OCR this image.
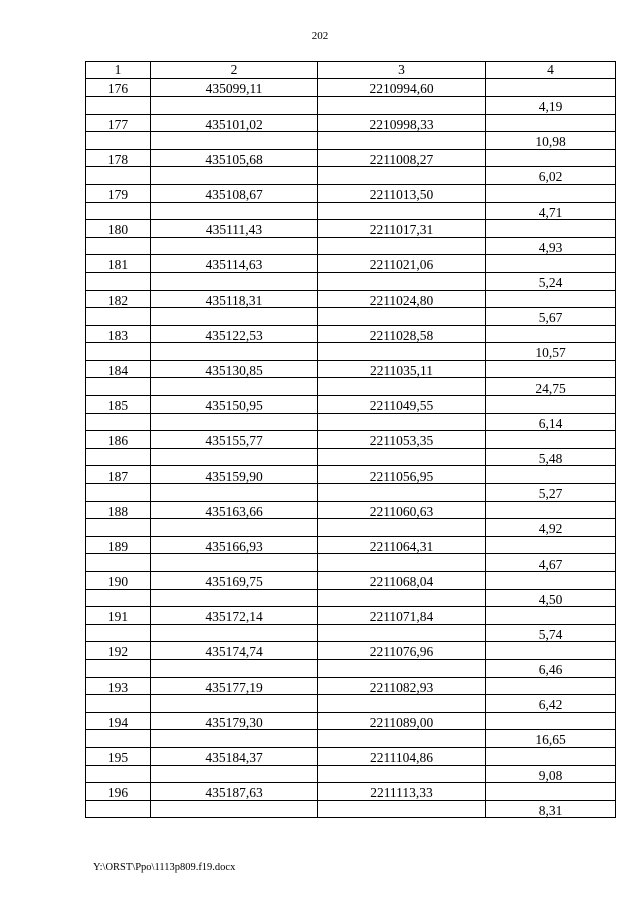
202
1	2	3	4
176	435099,11	2210994,60	
			4,19
177	435101,02	2210998,33	
			10,98
178	435105,68	2211008,27	
			6,02
179	435108,67	2211013,50	
			4,71
180	435111,43	2211017,31	
			4,93
181	435114,63	2211021,06	
			5,24
182	435118,31	2211024,80	
			5,67
183	435122,53	2211028,58	
			10,57
184	435130,85	2211035,11	
			24,75
185	435150,95	2211049,55	
			6,14
186	435155,77	2211053,35	
			5,48
187	435159,90	2211056,95	
			5,27
188	435163,66	2211060,63	
			4,92
189	435166,93	2211064,31	
			4,67
190	435169,75	2211068,04	
			4,50
191	435172,14	2211071,84	
			5,74
192	435174,74	2211076,96	
			6,46
193	435177,19	2211082,93	
			6,42
194	435179,30	2211089,00	
			16,65
195	435184,37	2211104,86	
			9,08
196	435187,63	2211113,33	
			8,31
Y:\ORST\Ppo\1113p809.f19.docx
